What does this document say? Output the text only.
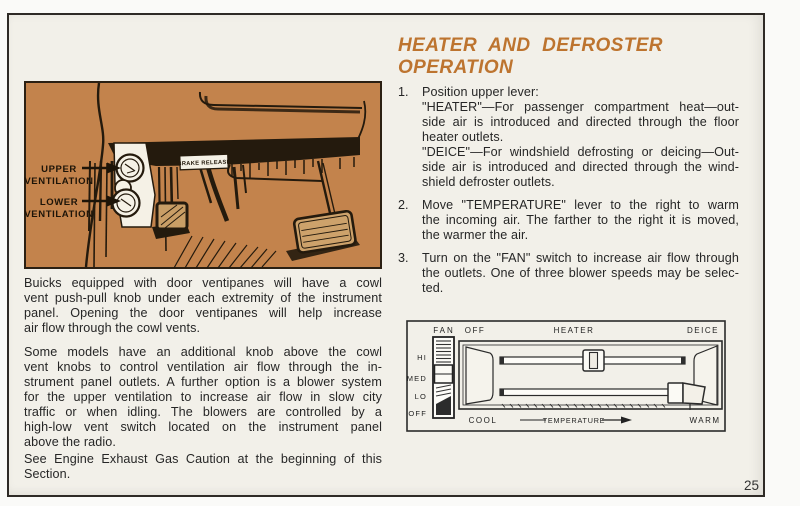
BRAKE RELEASE
UPPER
VENTILATION
LOWER
VENTILATION
Buicks equipped with door ventipanes will have a cowl
vent push-pull knob under each extremity of the instrument
panel. Opening the door ventipanes will help increase
air flow through the cowl vents.
Some models have an additional knob above the cowl
vent knobs to control ventilation air flow through the in-
strument panel outlets. A further option is a blower system
for the upper ventilation to increase air flow in slow city
traffic or when idling. The blowers are controlled by a
high-low vent switch located on the instrument panel
above the radio.
See Engine Exhaust Gas Caution at the beginning of this
Section.
HEATER AND DEFROSTER
OPERATION
1.	Position upper lever:
"HEATER"—For passenger compartment heat—out-
side air is introduced and directed through the floor
heater outlets.
"DEICE"—For windshield defrosting or deicing—Out-
side air is introduced and directed through the wind-
shield defroster outlets.
2.	Move "TEMPERATURE" lever to the right to warm
the incoming air. The farther to the right it is moved,
the warmer the air.
3.	Turn on the "FAN" switch to increase air flow through
the outlets. One of three blower speeds may be selec-
ted.
FAN
HI
MED
LO
OFF
OFF	HEATER	DEICE
COOL	TEMPERATURE	WARM
25
